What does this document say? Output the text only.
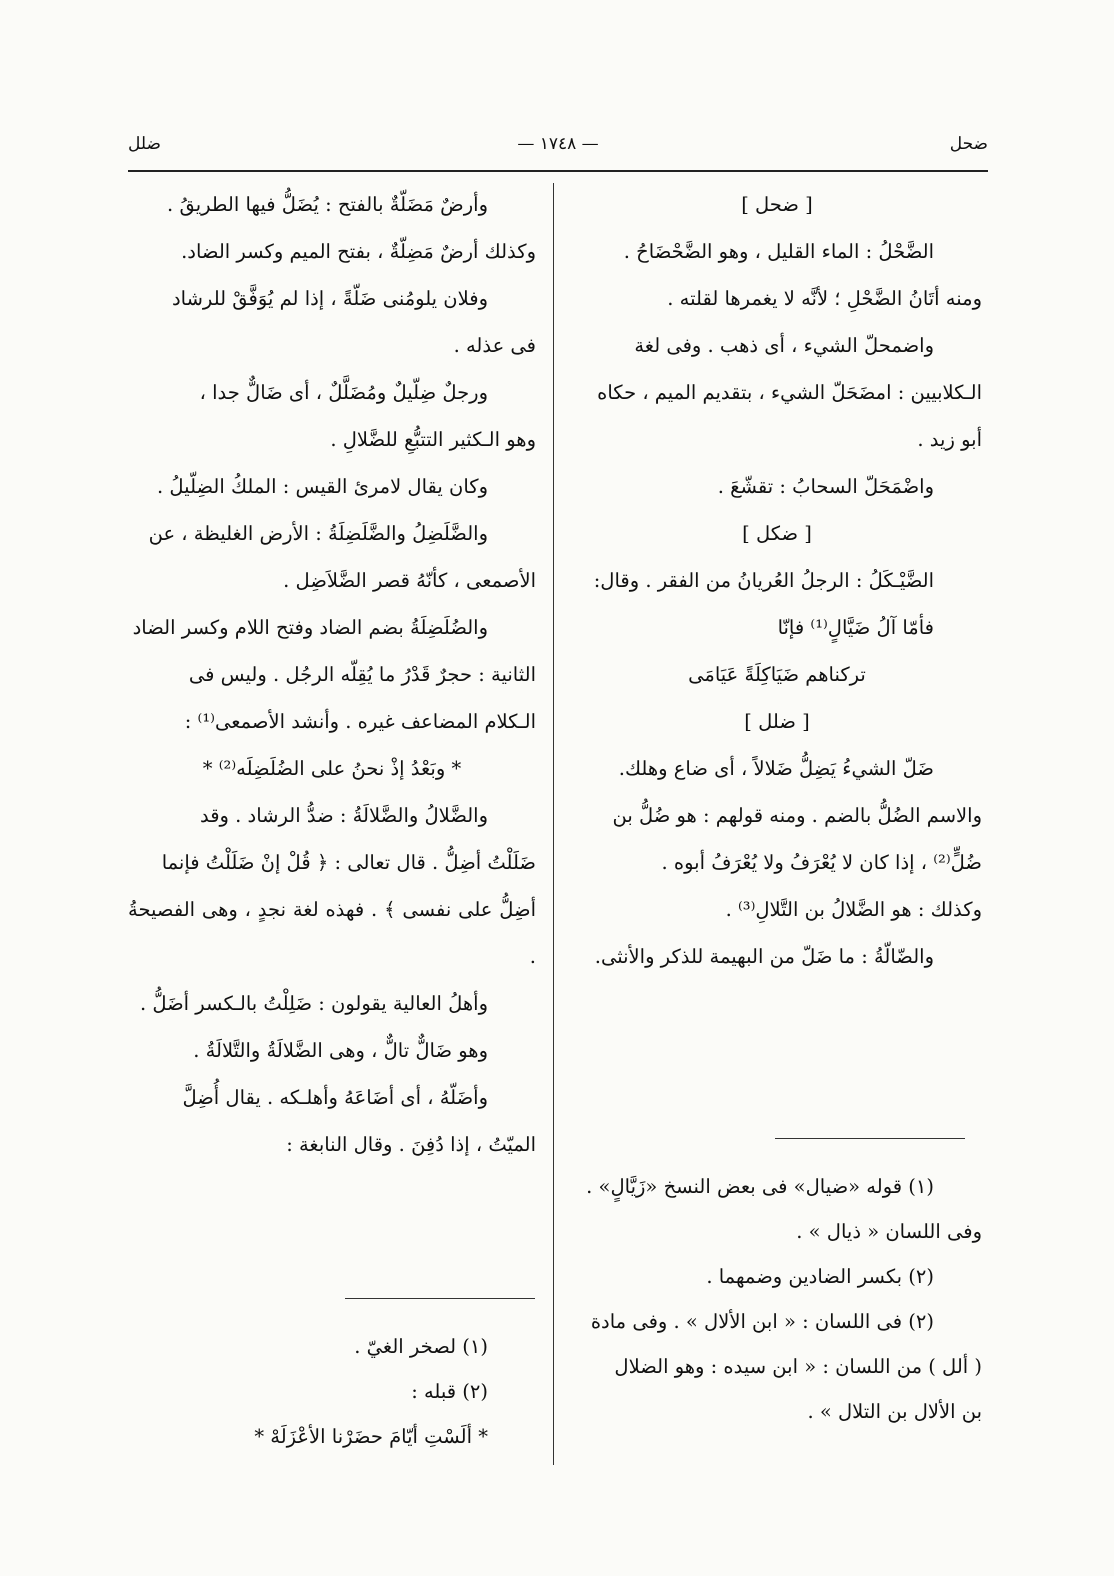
ضحل
— ١٧٤٨ —
ضلل

[ ضحل ]

الضَّحْلُ : الماء القليل ، وهو الضَّحْضَاحُ .

ومنه أتَانُ الضَّحْلِ ؛ لأنَّه لا يغمرها لقلته .

واضمحلّ الشيء ، أى ذهب . وفى لغة

الـكلابيين : امضَحَلّ الشيء ، بتقديم الميم ، حكاه

أبو زيد .

واضْمَحَلّ السحابُ : تقشّعَ .

[ ضكل ]

الضَّيْـكَلُ : الرجلُ العُريانُ من الفقر . وقال:

فأمّا آلُ ضَيَّالٍ⁽¹⁾ فإنّا

تركناهم ضَيَاكِلَةً عَيَامَى

[ ضلل ]

ضَلّ الشيءُ يَضِلُّ ضَلالاً ، أى ضاع وهلك.

والاسم الضُلُّ بالضم . ومنه قولهم : هو ضُلُّ بن

ضُلٍّ⁽²⁾ ، إذا كان لا يُعْرَفُ ولا يُعْرَفُ أبوه .

وكذلك : هو الضَّلالُ بن التَّلالِ⁽³⁾ .

والضّالّةُ : ما ضَلّ من البهيمة للذكر والأنثى.

(١) قوله «ضيال» فى بعض النسخ «زَيَّالٍ» .

وفى اللسان « ذيال » .

(٢) بكسر الضادين وضمهما .

(٢) فى اللسان : « ابن الألال » . وفى مادة

( ألل ) من اللسان : « ابن سيده : وهو الضلال

بن الألال بن التلال » .

وأرضٌ مَضَلّةٌ بالفتح : يُضَلُّ فيها الطريقُ .

وكذلك أرضٌ مَضِلّةٌ ، بفتح الميم وكسر الضاد.

وفلان يلومُنى ضَلّةً ، إذا لم يُوَفَّقْ للرشاد

فى عذله .

ورجلٌ ضِلّيلٌ ومُضَلَّلٌ ، أى ضَالٌّ جدا ،

وهو الـكثير التتبُّعِ للضَّلالِ .

وكان يقال لامرئ القيس : الملكُ الضِلّيلُ .

والضَّلَضِلُ والضَّلَضِلَةُ : الأرض الغليظة ، عن

الأصمعى ، كأنّهُ قصر الضَّلاَضِل .

والضُلَضِلَةُ بضم الضاد وفتح اللام وكسر الضاد

الثانية : حجرٌ قَدْرُ ما يُقِلّه الرجُل . وليس فى

الـكلام المضاعف غيره . وأنشد الأصمعى⁽¹⁾ :

* وبَعْدُ إذْ نحنُ على الضُلَضِلَه⁽²⁾ *

والضَّلالُ والضَّلالَةُ : ضدُّ الرشاد . وقد

ضَلَلْتُ أضِلُّ . قال تعالى : ﴿ قُلْ إنْ ضَلَلْتُ فإنما

أضِلُّ على نفسى ﴾ . فهذه لغة نجدٍ ، وهى الفصيحةُ .

وأهلُ العالية يقولون : ضَلِلْتُ بالـكسر أضَلُّ .

وهو ضَالٌّ تالٌّ ، وهى الضَّلالَةُ والتَّلالَةُ .

وأضَلّهُ ، أى أضَاعَهُ وأهلـكه . يقال أُضِلَّ

الميّتُ ، إذا دُفِنَ . وقال النابغة :

(١) لصخر الغيّ .

(٢) قبله :

* ألَسْتِ أيّامَ حضَرْنا الأعْزَلَهْ *
